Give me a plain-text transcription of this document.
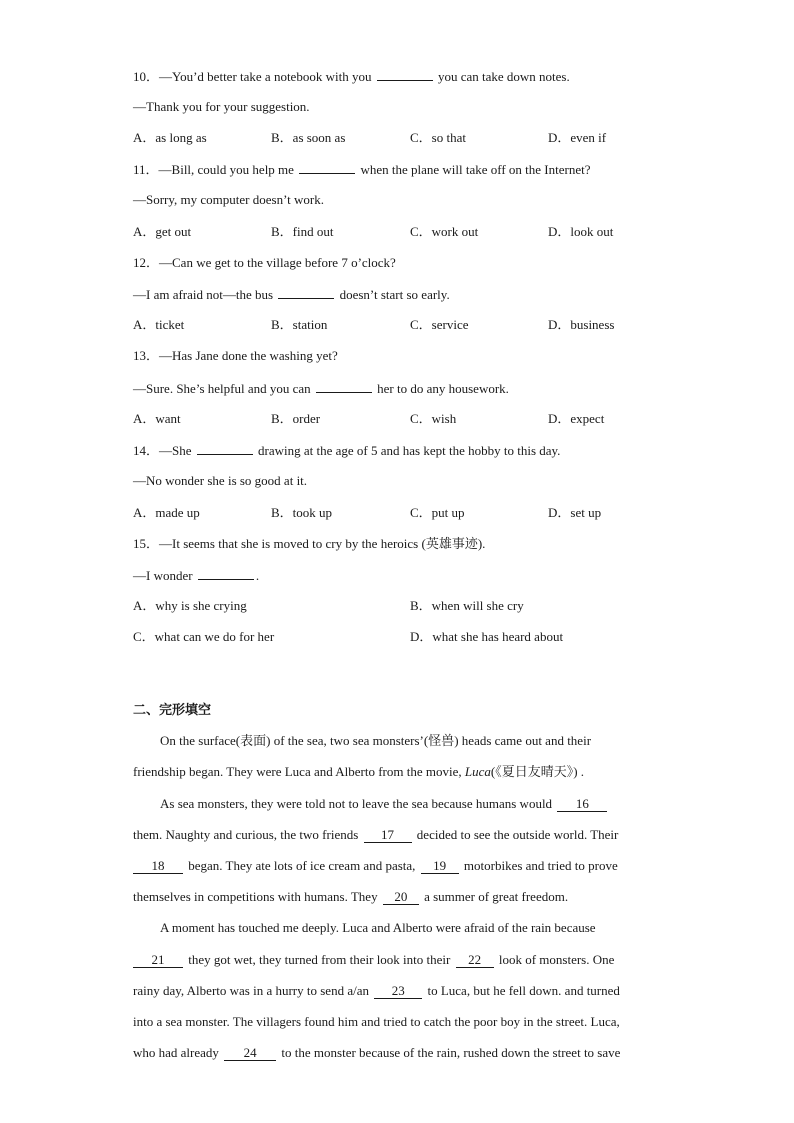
10．—You’d better take a notebook with you	you can take down notes.
—Thank you for your suggestion.
A．as long as	B．as soon as	C．so that	D．even if
11．—Bill, could you help me	when the plane will take off on the Internet?
—Sorry, my computer doesn’t work.
A．get out	B．find out	C．work out	D．look out
12．—Can we get to the village before 7 o’clock?
—I am afraid not—the bus	doesn’t start so early.
A．ticket	B．station	C．service	D．business
13．—Has Jane done the washing yet?
—Sure. She’s helpful and you can	her to do any housework.
A．want	B．order	C．wish	D．expect
14．—She	drawing at the age of 5 and has kept the hobby to this day.
—No wonder she is so good at it.
A．made up	B．took up	C．put up	D．set up
15．—It seems that she is moved to cry by the heroics (英雄事迹).
—I wonder	.
A．why is she crying	B．when will she cry
C．what can we do for her	D．what she has heard about
二、完形填空
On the surface(表面) of the sea, two sea monsters’(怪兽) heads came out and their
friendship began. They were Luca and Alberto from the movie, Luca(《夏日友晴天》) .
As sea monsters, they were told not to leave the sea because humans would 16
them. Naughty and curious, the two friends 17 decided to see the outside world. Their
18 began. They ate lots of ice cream and pasta, 19 motorbikes and tried to prove
themselves in competitions with humans. They 20 a summer of great freedom.
A moment has touched me deeply. Luca and Alberto were afraid of the rain because
21 they got wet, they turned from their look into their 22 look of monsters. One
rainy day, Alberto was in a hurry to send a/an 23 to Luca, but he fell down. and turned
into a sea monster. The villagers found him and tried to catch the poor boy in the street. Luca,
who had already 24 to the monster because of the rain, rushed down the street to save
